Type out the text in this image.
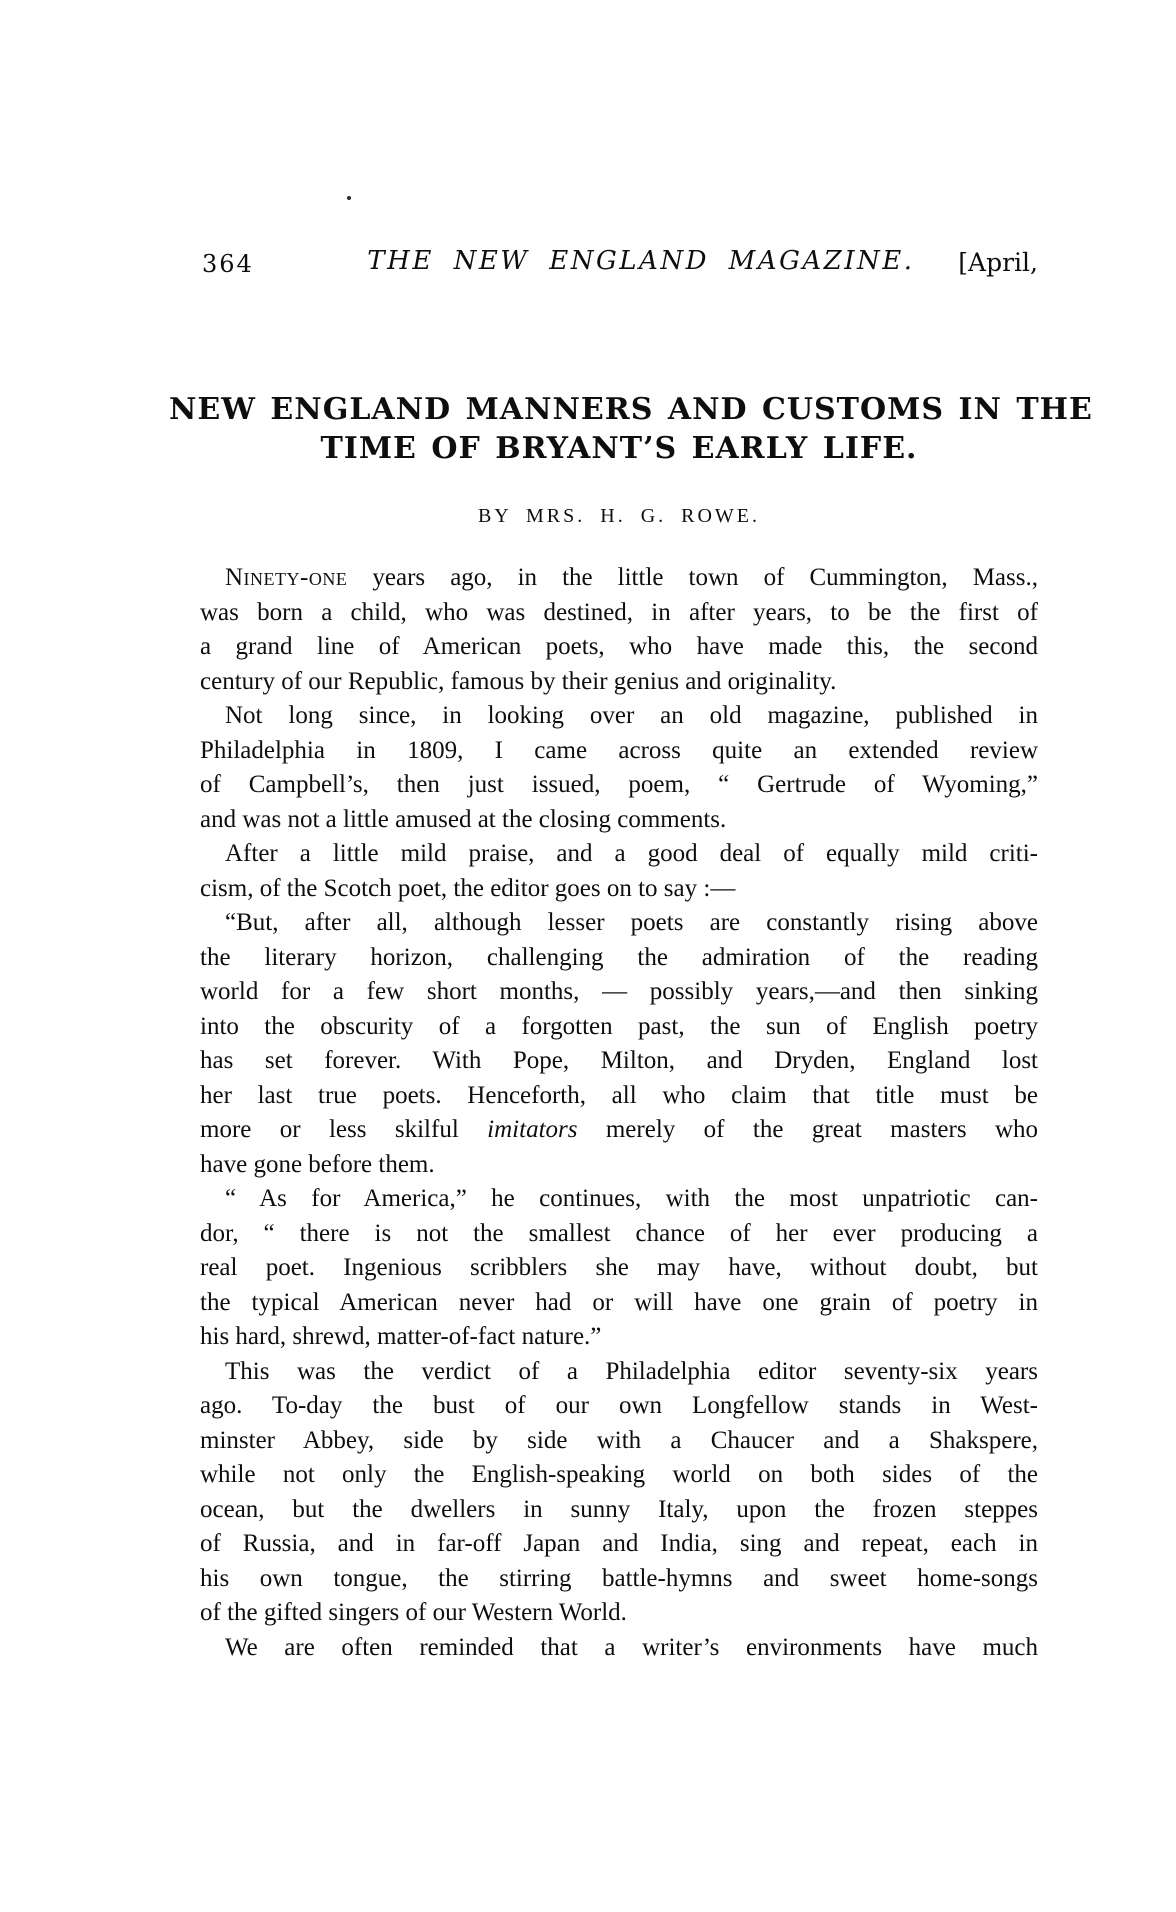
364	THE NEW ENGLAND MAGAZINE. [April,
NEW ENGLAND MANNERS AND CUSTOMS IN THE
TIME OF BRYANT’S EARLY LIFE.
BY MRS. H. G. ROWE.
Ninety-one years ago, in the little town of Cummington, Mass.,
was born a child, who was destined, in after years, to be the first of
a grand line of American poets, who have made this, the second
century of our Republic, famous by their genius and originality.
Not long since, in looking over an old magazine, published in
Philadelphia in 1809, I came across quite an extended review
of Campbell’s, then just issued, poem, “ Gertrude of Wyoming,”
and was not a little amused at the closing comments.
After a little mild praise, and a good deal of equally mild criti-
cism, of the Scotch poet, the editor goes on to say :—
“But, after all, although lesser poets are constantly rising above
the literary horizon, challenging the admiration of the reading
world for a few short months, — possibly years,—and then sinking
into the obscurity of a forgotten past, the sun of English poetry
has set forever. With Pope, Milton, and Dryden, England lost
her last true poets. Henceforth, all who claim that title must be
more or less skilful imitators merely of the great masters who
have gone before them.
“ As for America,” he continues, with the most unpatriotic can-
dor, “ there is not the smallest chance of her ever producing a
real poet. Ingenious scribblers she may have, without doubt, but
the typical American never had or will have one grain of poetry in
his hard, shrewd, matter-of-fact nature.”
This was the verdict of a Philadelphia editor seventy-six years
ago. To-day the bust of our own Longfellow stands in West-
minster Abbey, side by side with a Chaucer and a Shakspere,
while not only the English-speaking world on both sides of the
ocean, but the dwellers in sunny Italy, upon the frozen steppes
of Russia, and in far-off Japan and India, sing and repeat, each in
his own tongue, the stirring battle-hymns and sweet home-songs
of the gifted singers of our Western World.
We are often reminded that a writer’s environments have much
